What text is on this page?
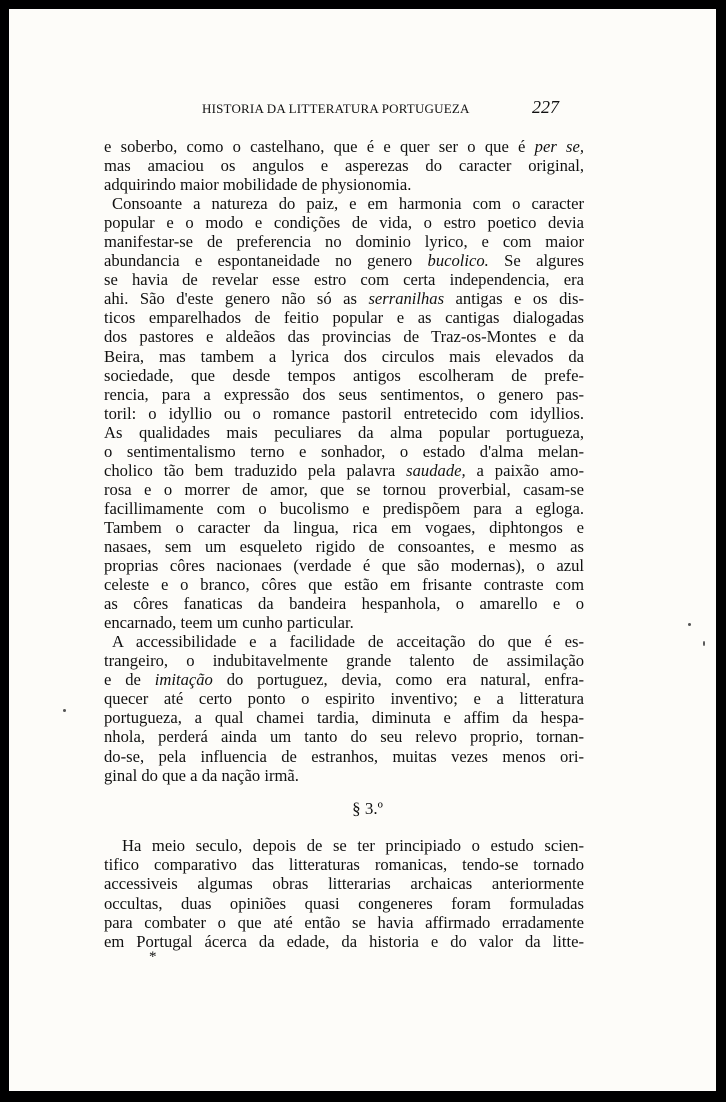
HISTORIA DA LITTERATURA PORTUGUEZA	227
e soberbo, como o castelhano, que é e quer ser o que é per se,
mas amaciou os angulos e asperezas do caracter original,
adquirindo maior mobilidade de physionomia.
Consoante a natureza do paiz, e em harmonia com o caracter
popular e o modo e condições de vida, o estro poetico devia
manifestar-se de preferencia no dominio lyrico, e com maior
abundancia e espontaneidade no genero bucolico. Se algures
se havia de revelar esse estro com certa independencia, era
ahi. São d'este genero não só as serranilhas antigas e os dis-
ticos emparelhados de feitio popular e as cantigas dialogadas
dos pastores e aldeãos das provincias de Traz-os-Montes e da
Beira, mas tambem a lyrica dos circulos mais elevados da
sociedade, que desde tempos antigos escolheram de prefe-
rencia, para a expressão dos seus sentimentos, o genero pas-
toril: o idyllio ou o romance pastoril entretecido com idyllios.
As qualidades mais peculiares da alma popular portugueza,
o sentimentalismo terno e sonhador, o estado d'alma melan-
cholico tão bem traduzido pela palavra saudade, a paixão amo-
rosa e o morrer de amor, que se tornou proverbial, casam-se
facillimamente com o bucolismo e predispõem para a egloga.
Tambem o caracter da lingua, rica em vogaes, diphtongos e
nasaes, sem um esqueleto rigido de consoantes, e mesmo as
proprias côres nacionaes (verdade é que são modernas), o azul
celeste e o branco, côres que estão em frisante contraste com
as côres fanaticas da bandeira hespanhola, o amarello e o
encarnado, teem um cunho particular.
A accessibilidade e a facilidade de acceitação do que é es-
trangeiro, o indubitavelmente grande talento de assimilação
e de imitação do portuguez, devia, como era natural, enfra-
quecer até certo ponto o espirito inventivo; e a litteratura
portugueza, a qual chamei tardia, diminuta e affim da hespa-
nhola, perderá ainda um tanto do seu relevo proprio, tornan-
do-se, pela influencia de estranhos, muitas vezes menos ori-
ginal do que a da nação irmã.
§ 3.º
Ha meio seculo, depois de se ter principiado o estudo scien-
tifico comparativo das litteraturas romanicas, tendo-se tornado
accessiveis algumas obras litterarias archaicas anteriormente
occultas, duas opiniões quasi congeneres foram formuladas
para combater o que até então se havia affirmado erradamente
em Portugal ácerca da edade, da historia e do valor da litte-
*
